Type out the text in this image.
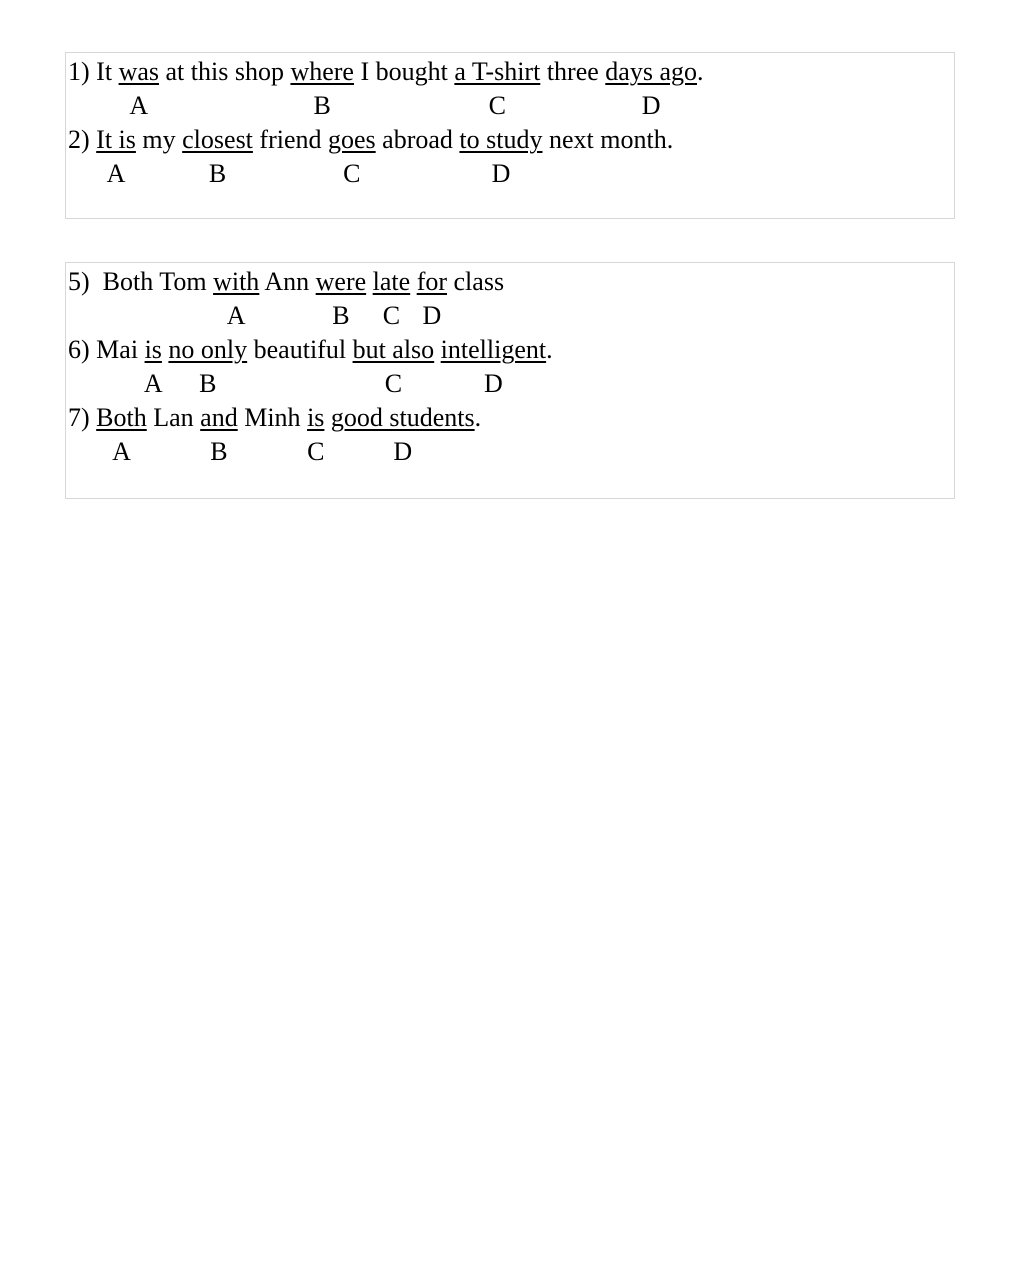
1) It was at this shop where I bought a T-shirt three days ago.
A	B	C	D
2) It is my closest friend goes abroad to study next month.
A	B	C	D
5)  Both Tom with Ann were late for class
A	B C D
6) Mai is no only beautiful but also intelligent.
A B	C	D
7) Both Lan and Minh is good students.
A	B	C	D
